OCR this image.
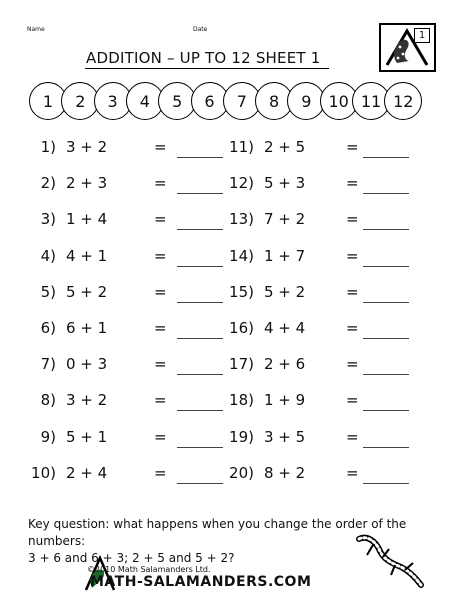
Name	Date
ADDITION – UP TO 12 SHEET 1
1
1	2	3	4	5	6	7	8	9	10 11 12
1) 3 + 2	=
2) 2 + 3	=
3) 1 + 4	=
4) 4 + 1	=
5) 5 + 2	=
6) 6 + 1	=
7) 0 + 3	=
8) 3 + 2	=
9) 5 + 1	=
10) 2 + 4	=
11) 2 + 5	=
12) 5 + 3	=
13) 7 + 2	=
14) 1 + 7	=
15) 5 + 2	=
16) 4 + 4	=
17) 2 + 6	=
18) 1 + 9	=
19) 3 + 5	=
20) 8 + 2	=
Key question: what happens when you change the order of the numbers:
3 + 6 and 6 + 3; 2 + 5 and 5 + 2?
©2010 Math Salamanders Ltd.
MATH-SALAMANDERS.COM
